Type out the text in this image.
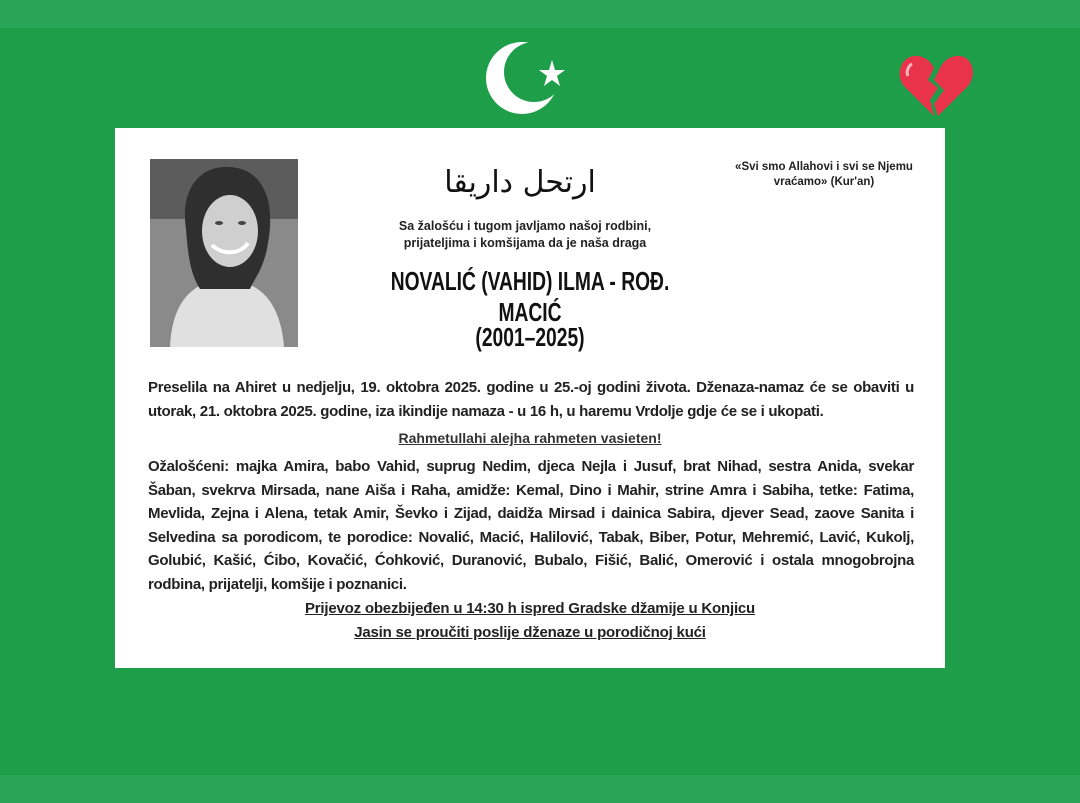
ارتحل داريقا	«Svi smo Allahovi i svi se Njemu vraćamo» (Kur'an)
Sa žalošću i tugom javljamo našoj rodbini,
prijateljima i komšijama da je naša draga
NOVALIĆ (VAHID) ILMA - ROĐ. MACIĆ
(2001–2025)
Preselila na Ahiret u nedjelju, 19. oktobra 2025. godine u 25.-oj godini života. Dženaza-namaz će se obaviti u utorak, 21. oktobra 2025. godine, iza ikindije namaza - u 16 h, u haremu Vrdolje gdje će se i ukopati.
Rahmetullahi alejha rahmeten vasieten!
Ožalošćeni: majka Amira, babo Vahid, suprug Nedim, djeca Nejla i Jusuf, brat Nihad, sestra Anida, svekar Šaban, svekrva Mirsada, nane Aiša i Raha, amidže: Kemal, Dino i Mahir, strine Amra i Sabiha, tetke: Fatima, Mevlida, Zejna i Alena, tetak Amir, Ševko i Zijad, daidža Mirsad i dainica Sabira, djever Sead, zaove Sanita i Selvedina sa porodicom, te porodice: Novalić, Macić, Halilović, Tabak, Biber, Potur, Mehremić, Lavić, Kukolj, Golubić, Kašić, Ćibo, Kovačić, Ćohković, Duranović, Bubalo, Fišić, Balić, Omerović i ostala mnogobrojna rodbina, prijatelji, komšije i poznanici.
Prijevoz obezbijeđen u 14:30 h ispred Gradske džamije u Konjicu
Jasin se proučiti poslije dženaze u porodičnoj kući
